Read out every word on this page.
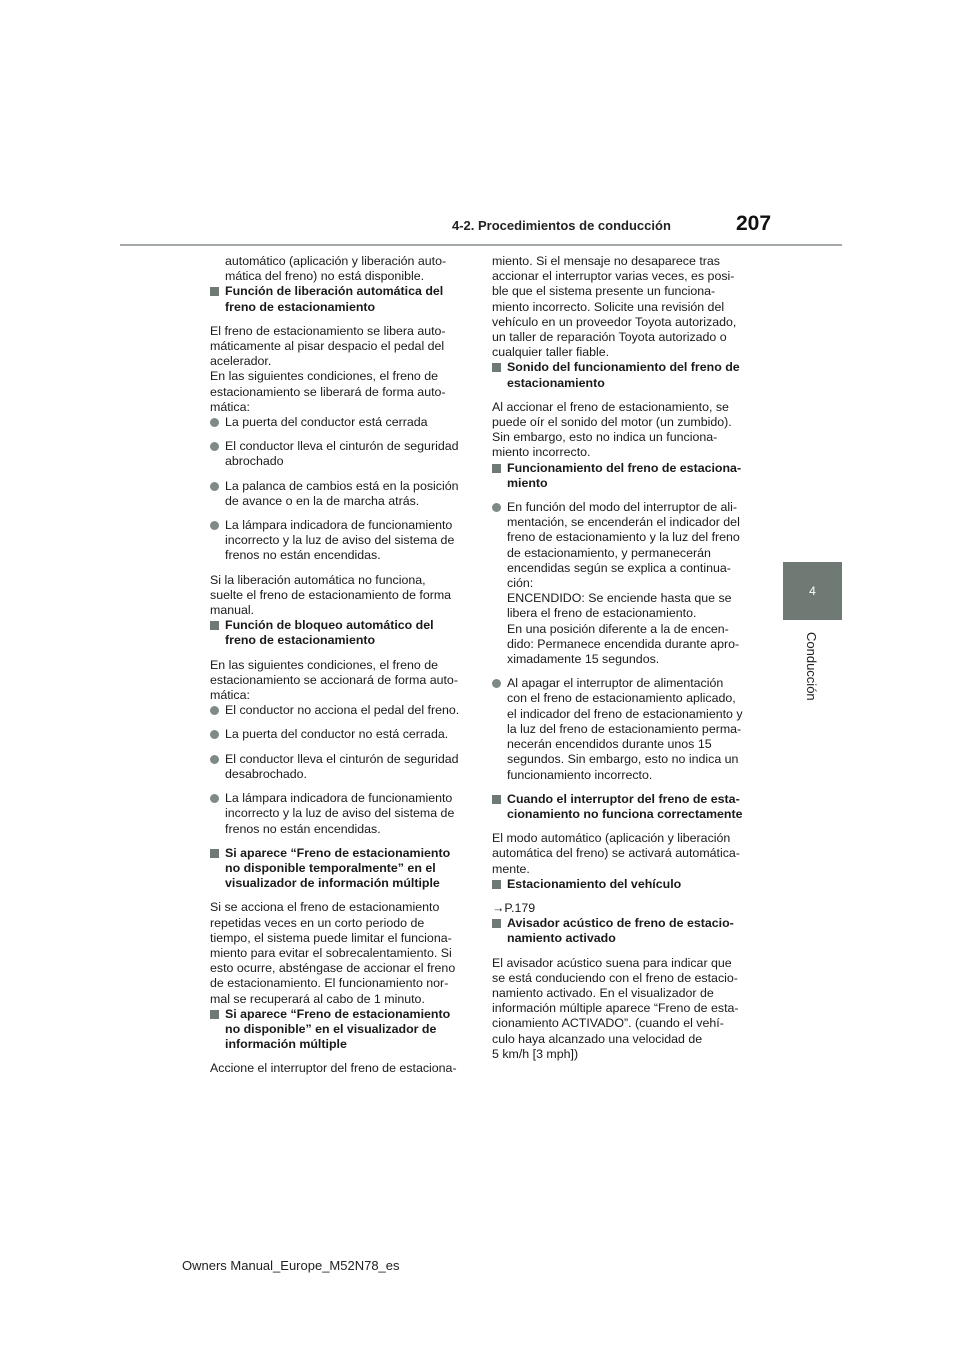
4-2. Procedimientos de conducción	207
4
Conducción
automático (aplicación y liberación auto-
mática del freno) no está disponible.
Función de liberación automática del
freno de estacionamiento
El freno de estacionamiento se libera auto-
máticamente al pisar despacio el pedal del
acelerador.
En las siguientes condiciones, el freno de
estacionamiento se liberará de forma auto-
mática:
La puerta del conductor está cerrada
El conductor lleva el cinturón de seguridad
abrochado
La palanca de cambios está en la posición
de avance o en la de marcha atrás.
La lámpara indicadora de funcionamiento
incorrecto y la luz de aviso del sistema de
frenos no están encendidas.
Si la liberación automática no funciona,
suelte el freno de estacionamiento de forma
manual.
Función de bloqueo automático del
freno de estacionamiento
En las siguientes condiciones, el freno de
estacionamiento se accionará de forma auto-
mática:
El conductor no acciona el pedal del freno.
La puerta del conductor no está cerrada.
El conductor lleva el cinturón de seguridad
desabrochado.
La lámpara indicadora de funcionamiento
incorrecto y la luz de aviso del sistema de
frenos no están encendidas.
Si aparece “Freno de estacionamiento
no disponible temporalmente” en el
visualizador de información múltiple
Si se acciona el freno de estacionamiento
repetidas veces en un corto periodo de
tiempo, el sistema puede limitar el funciona-
miento para evitar el sobrecalentamiento. Si
esto ocurre, absténgase de accionar el freno
de estacionamiento. El funcionamiento nor-
mal se recuperará al cabo de 1 minuto.
Si aparece “Freno de estacionamiento
no disponible” en el visualizador de
información múltiple
Accione el interruptor del freno de estaciona-
miento. Si el mensaje no desaparece tras
accionar el interruptor varias veces, es posi-
ble que el sistema presente un funciona-
miento incorrecto. Solicite una revisión del
vehículo en un proveedor Toyota autorizado,
un taller de reparación Toyota autorizado o
cualquier taller fiable.
Sonido del funcionamiento del freno de
estacionamiento
Al accionar el freno de estacionamiento, se
puede oír el sonido del motor (un zumbido).
Sin embargo, esto no indica un funciona-
miento incorrecto.
Funcionamiento del freno de estaciona-
miento
En función del modo del interruptor de ali-
mentación, se encenderán el indicador del
freno de estacionamiento y la luz del freno
de estacionamiento, y permanecerán
encendidas según se explica a continua-
ción:
ENCENDIDO: Se enciende hasta que se
libera el freno de estacionamiento.
En una posición diferente a la de encen-
dido: Permanece encendida durante apro-
ximadamente 15 segundos.
Al apagar el interruptor de alimentación
con el freno de estacionamiento aplicado,
el indicador del freno de estacionamiento y
la luz del freno de estacionamiento perma-
necerán encendidos durante unos 15
segundos. Sin embargo, esto no indica un
funcionamiento incorrecto.
Cuando el interruptor del freno de esta-
cionamiento no funciona correctamente
El modo automático (aplicación y liberación
automática del freno) se activará automática-
mente.
Estacionamiento del vehículo
→P.179
Avisador acústico de freno de estacio-
namiento activado
El avisador acústico suena para indicar que
se está conduciendo con el freno de estacio-
namiento activado. En el visualizador de
información múltiple aparece “Freno de esta-
cionamiento ACTIVADO”. (cuando el vehí-
culo haya alcanzado una velocidad de
5 km/h [3 mph])
Owners Manual_Europe_M52N78_es
